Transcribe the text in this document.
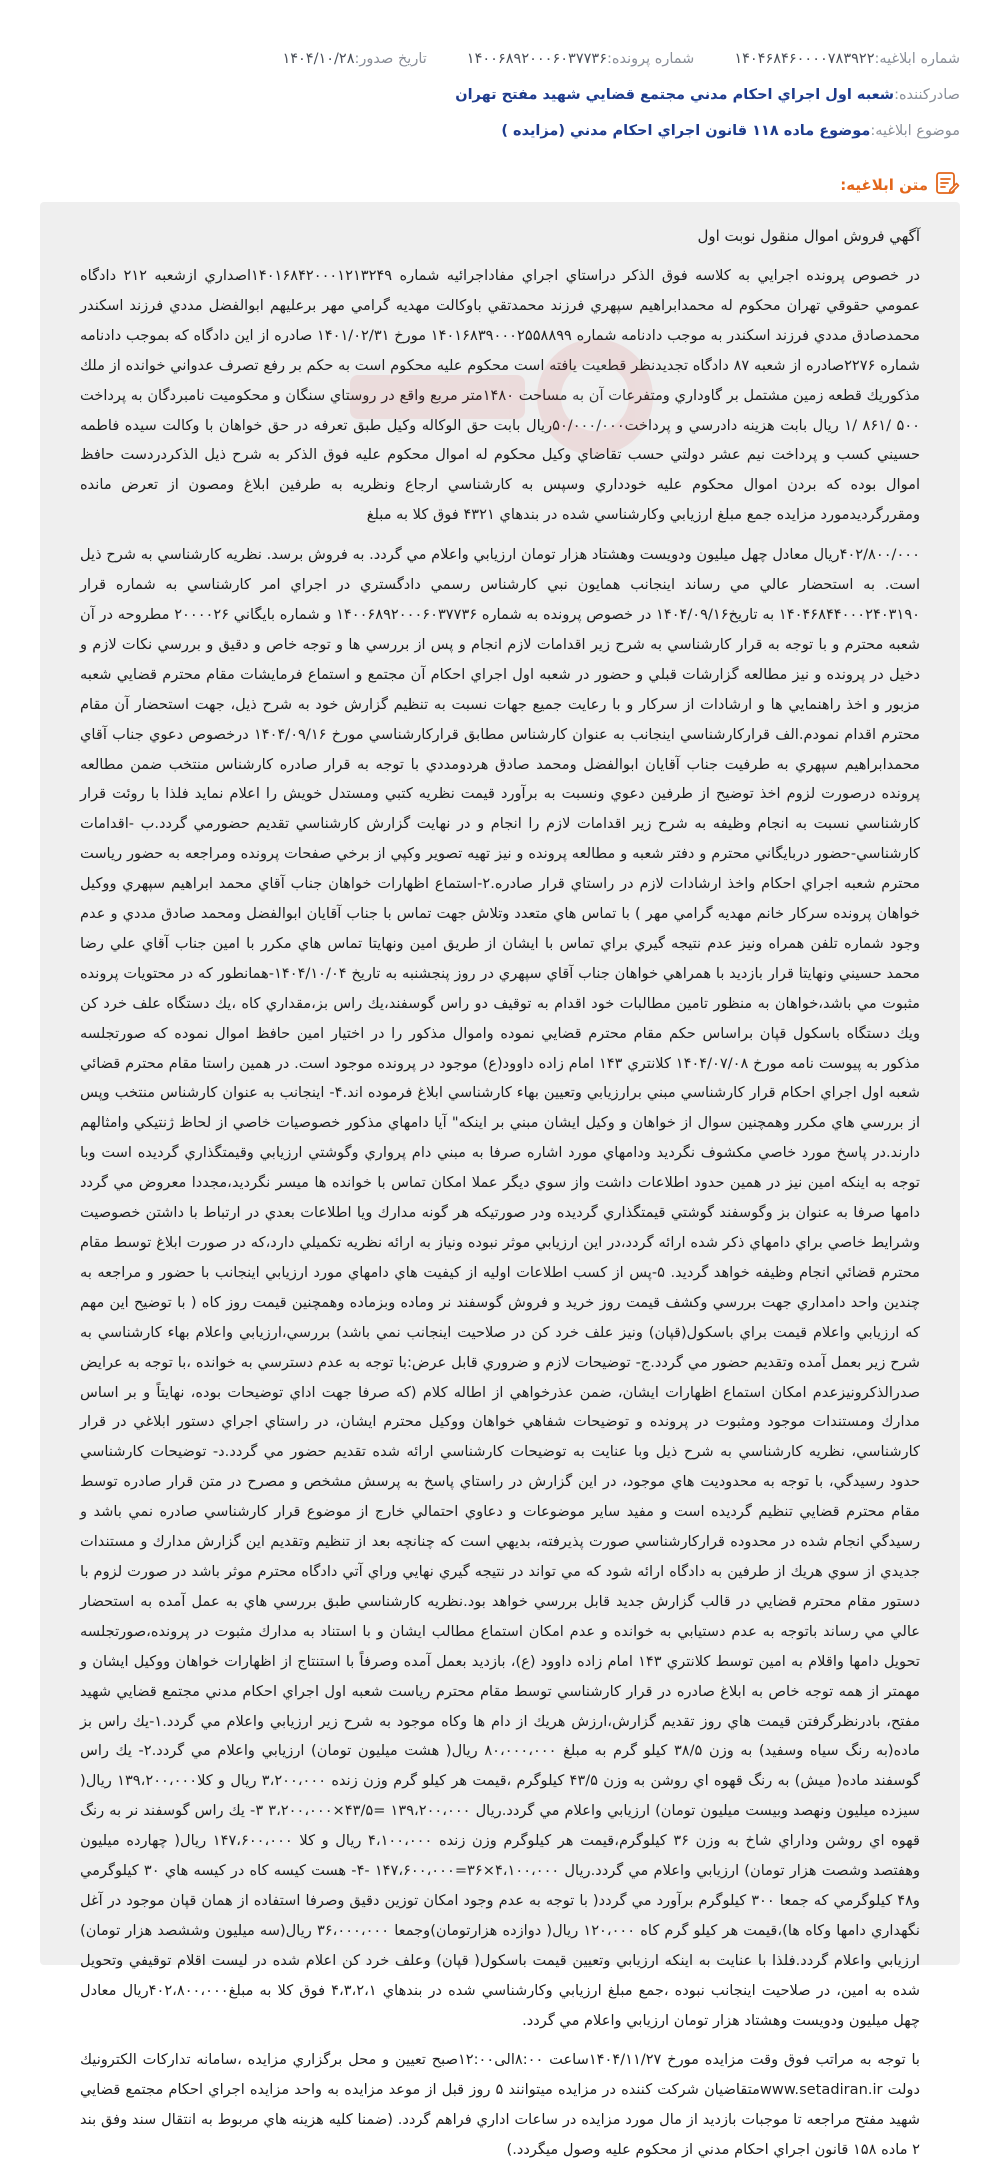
شماره ابلاغیه:
۱۴۰۴۶۸۴۶۰۰۰۰۷۸۳۹۲۲
شماره پرونده:
۱۴۰۰۶۸۹۲۰۰۰۶۰۳۷۷۳۶
تاریخ صدور:
۱۴۰۴/۱۰/۲۸
صادرکننده:
شعبه اول اجراي احكام مدني مجتمع قضايي شهيد مفتح تهران
موضوع ابلاغیه:
موضوع ماده ۱۱۸ قانون اجراي احكام مدني (مزايده )
متن ابلاغیه:
آگهي فروش اموال منقول نوبت اول

در خصوص پرونده اجرايي به كلاسه فوق الذكر دراستاي اجراي مفاداجرائيه شماره ۱۴۰۱۶۸۴۲۰۰۰۱۲۱۳۲۴۹اصداري ازشعبه ۲۱۲ دادگاه عمومي حقوقي تهران محكوم له محمدابراهيم سپهري فرزند محمدتقي باوكالت مهديه گرامي مهر برعليهم ابوالفضل مددي فرزند اسكندر محمدصادق مددي فرزند اسكندر به موجب دادنامه شماره ۱۴۰۱۶۸۳۹۰۰۰۲۵۵۸۸۹۹ مورخ ۱۴۰۱/۰۲/۳۱ صادره از اين دادگاه كه بموجب دادنامه شماره ۲۲۷۶صادره از شعبه ۸۷ دادگاه تجديدنظر قطعيت يافته است محكوم عليه محكوم است به حكم بر رفع تصرف عدواني خوانده از ملك مذكوريك قطعه زمين مشتمل بر گاوداري ومتفرعات آن به مساحت ۱۴۸۰متر مربع واقع در روستاي سنگان و محكوميت نامبردگان به پرداخت ۵۰۰ /۸۶۱ /۱ ريال بابت هزينه دادرسي و پرداخت۵۰/۰۰۰/۰۰۰ريال بابت حق الوكاله وكيل طبق تعرفه در حق خواهان با وكالت سيده فاطمه حسيني كسب و پرداخت نيم عشر دولتي حسب تقاضاي وكيل محكوم له اموال محكوم عليه فوق الذكر به شرح ذيل الذكردردست حافظ اموال بوده كه بردن اموال محكوم عليه خودداري وسپس به كارشناسي ارجاع ونظريه به طرفين ابلاغ ومصون از تعرض مانده ومقررگرديدمورد مزايده جمع مبلغ ارزيابي وكارشناسي شده در بندهاي ۴۳۲۱ فوق كلا به مبلغ

۴۰۲/۸۰۰/۰۰۰ريال معادل چهل ميليون ودويست وهشتاد هزار تومان ارزيابي واعلام مي گردد. به فروش برسد. نظريه كارشناسي به شرح ذيل است. به استحضار عالي مي رساند اينجانب همايون نبي كارشناس رسمي دادگستري در اجراي امر كارشناسي به شماره قرار ۱۴۰۴۶۸۴۴۰۰۰۲۴۰۳۱۹۰ به تاريخ۱۴۰۴/۰۹/۱۶ در خصوص پرونده به شماره ۱۴۰۰۶۸۹۲۰۰۰۶۰۳۷۷۳۶ و شماره بايگاني ۲۰۰۰۰۲۶ مطروحه در آن شعبه محترم و با توجه به قرار كارشناسي به شرح زير اقدامات لازم انجام و پس از بررسي ها و توجه خاص و دقيق و بررسي نكات لازم و دخيل در پرونده و نيز مطالعه گزارشات قبلي و حضور در شعبه اول اجراي احكام آن مجتمع و استماع فرمايشات مقام محترم قضايي شعبه مزبور و اخذ راهنمايي ها و ارشادات از سركار و با رعايت جميع جهات نسبت به تنظيم گزارش خود به شرح ذيل، جهت استحضار آن مقام محترم اقدام نمودم.الف قراركارشناسي اينجانب به عنوان كارشناس مطابق قراركارشناسي مورخ ۱۴۰۴/۰۹/۱۶ درخصوص دعوي جناب آقاي محمدابراهيم سپهري به طرفيت جناب آقايان ابوالفضل ومحمد صادق هردومددي با توجه به قرار صادره كارشناس منتخب ضمن مطالعه پرونده درصورت لزوم اخذ توضيح از طرفين دعوي ونسبت به برآورد قيمت نظريه كتبي ومستدل خويش را اعلام نمايد فلذا با روئت قرار كارشناسي نسبت به انجام وظيفه به شرح زير اقدامات لازم را انجام و در نهايت گزارش كارشناسي تقديم حضورمي گردد.ب -اقدامات كارشناسي-حضور دربايگاني محترم و دفتر شعبه و مطالعه پرونده و نيز تهيه تصوير وكپي از برخي صفحات پرونده ومراجعه به حضور رياست محترم شعبه اجراي احكام واخذ ارشادات لازم در راستاي قرار صادره.۲-استماع اظهارات خواهان جناب آقاي محمد ابراهيم سپهري ووكيل خواهان پرونده سركار خانم مهديه گرامي مهر ) با تماس هاي متعدد وتلاش جهت تماس با جناب آقايان ابوالفضل ومحمد صادق مددي و عدم وجود شماره تلفن همراه ونيز عدم نتيجه گيري براي تماس با ايشان از طريق امين ونهايتا تماس هاي مكرر با امين جناب آقاي علي رضا محمد حسيني ونهايتا قرار بازديد با همراهي خواهان جناب آقاي سپهري در روز پنجشنبه به تاريخ ۱۴۰۴/۱۰/۰۴-همانطور كه در محتويات پرونده مثبوت مي باشد،خواهان به منظور تامين مطالبات خود اقدام به توقيف دو راس گوسفند،يك راس بز،مقداري كاه ،يك دستگاه علف خرد كن ويك دستگاه باسكول قپان براساس حكم مقام محترم قضايي نموده واموال مذكور را در اختيار امين حافظ اموال نموده كه صورتجلسه مذكور به پيوست نامه مورخ ۱۴۰۴/۰۷/۰۸ كلانتري ۱۴۳ امام زاده داوود(ع) موجود در پرونده موجود است. در همين راستا مقام محترم قضائي شعبه اول اجراي احكام قرار كارشناسي مبني برارزيابي وتعيين بهاء كارشناسي ابلاغ فرموده اند.۴- اينجانب به عنوان كارشناس منتخب وپس از بررسي هاي مكرر وهمچنين سوال از خواهان و وكيل ايشان مبني بر اينكه" آيا دامهاي مذكور خصوصيات خاصي از لحاظ ژنتيكي وامثالهم دارند.در پاسخ مورد خاصي مكشوف نگرديد ودامهاي مورد اشاره صرفا به مبني دام پرواري وگوشتي ارزيابي وقيمتگذاري گرديده است وبا توجه به اينكه امين نيز در همين حدود اطلاعات داشت واز سوي ديگر عملا امكان تماس با خوانده ها ميسر نگرديد،مجددا معروض مي گردد دامها صرفا به عنوان بز وگوسفند گوشتي قيمتگذاري گرديده ودر صورتيكه هر گونه مدارك ويا اطلاعات بعدي در ارتباط با داشتن خصوصيت وشرايط خاصي براي دامهاي ذكر شده ارائه گردد،در اين ارزيابي موثر نبوده ونياز به ارائه نظريه تكميلي دارد،كه در صورت ابلاغ توسط مقام محترم قضائي انجام وظيفه خواهد گرديد. ۵-پس از كسب اطلاعات اوليه از كيفيت هاي دامهاي مورد ارزيابي اينجانب با حضور و مراجعه به چندين واحد دامداري جهت بررسي وكشف قيمت روز خريد و فروش گوسفند نر وماده وبزماده وهمچنين قيمت روز كاه ( با توضيح اين مهم كه ارزيابي واعلام قيمت براي باسكول(قپان) ونيز علف خرد كن در صلاحيت اينجانب نمي باشد) بررسي،ارزيابي واعلام بهاء كارشناسي به شرح زير بعمل آمده وتقديم حضور مي گردد.ج- توضيحات لازم و ضروري قابل عرض:با توجه به عدم دسترسي به خوانده ،با توجه به عرايض صدرالذكرونيزعدم امكان استماع اظهارات ايشان، ضمن عذرخواهي از اطاله كلام (كه صرفا جهت اداي توضيحات بوده، نهايتاً و بر اساس مدارك ومستندات موجود ومثبوت در پرونده و توضيحات شفاهي خواهان ووكيل محترم ايشان، در راستاي اجراي دستور ابلاغي در قرار كارشناسي، نظريه كارشناسي به شرح ذيل وبا عنايت به توضيحات كارشناسي ارائه شده تقديم حضور مي گردد.د- توضيحات كارشناسي حدود رسيدگي، با توجه به محدوديت هاي موجود، در اين گزارش در راستاي پاسخ به پرسش مشخص و مصرح در متن قرار صادره توسط مقام محترم قضايي تنظيم گرديده است و مفيد ساير موضوعات و دعاوي احتمالي خارج از موضوع قرار كارشناسي صادره نمي باشد و رسيدگي انجام شده در محدوده قراركارشناسي صورت پذيرفته، بديهي است كه چنانچه بعد از تنظيم وتقديم اين گزارش مدارك و مستندات جديدي از سوي هريك از طرفين به دادگاه ارائه شود كه مي تواند در نتيجه گيري نهايي وراي آتي دادگاه محترم موثر باشد در صورت لزوم با دستور مقام محترم قضايي در قالب گزارش جديد قابل بررسي خواهد بود.نظريه كارشناسي طبق بررسي هاي به عمل آمده به استحضار عالي مي رساند باتوجه به عدم دستيابي به خوانده و عدم امكان استماع مطالب ايشان و با استناد به مدارك مثبوت در پرونده،صورتجلسه تحويل دامها واقلام به امين توسط كلانتري ۱۴۳ امام زاده داوود (ع)، بازديد بعمل آمده وصرفاً با استنتاج از اظهارات خواهان ووكيل ايشان و مهمتر از همه توجه خاص به ابلاغ صادره در قرار كارشناسي توسط مقام محترم رياست شعبه اول اجراي احكام مدني مجتمع قضايي شهيد مفتح، بادرنظرگرفتن قيمت هاي روز تقديم گزارش،ارزش هريك از دام ها وكاه موجود به شرح زير ارزيابي واعلام مي گردد.۱-يك راس بز ماده(به رنگ سياه وسفيد) به وزن ۳۸/۵ كيلو گرم به مبلغ ۸۰،۰۰۰،۰۰۰ ريال( هشت ميليون تومان) ارزيابي واعلام مي گردد.۲- يك راس گوسفند ماده( ميش) به رنگ قهوه اي روشن به وزن ۴۳/۵ كيلوگرم ،قيمت هر كيلو گرم وزن زنده ۳،۲۰۰،۰۰۰ ريال و كلا۱۳۹،۲۰۰،۰۰۰ ريال( سيزده ميليون ونهصد وبيست ميليون تومان) ارزيابي واعلام مي گردد.ريال ۱۳۹،۲۰۰،۰۰۰ =۴۳/۵×۳،۲۰۰،۰۰۰ ۳- يك راس گوسفند نر به رنگ قهوه اي روشن وداراي شاخ به وزن ۳۶ كيلوگرم،قيمت هر كيلوگرم وزن زنده ۴،۱۰۰،۰۰۰ ريال و كلا ۱۴۷،۶۰۰،۰۰۰ ريال( چهارده ميليون وهفتصد وشصت هزار تومان) ارزيابي واعلام مي گردد.ريال ۴،۱۰۰،۰۰۰×۳۶=۱۴۷،۶۰۰،۰۰۰ -۴- هست كيسه كاه در كيسه هاي ۳۰ كيلوگرمي و۴۸ كيلوگرمي كه جمعا ۳۰۰ كيلوگرم برآورد مي گردد( با توجه به عدم وجود امكان توزين دقيق وصرفا استفاده از همان قپان موجود در آغل نگهداري دامها وكاه ها)،قيمت هر كيلو گرم كاه ۱۲۰،۰۰۰ ريال( دوازده هزارتومان)وجمعا ۳۶،۰۰۰،۰۰۰ ريال(سه ميليون وششصد هزار تومان) ارزيابي واعلام گردد.فلذا با عنايت به اينكه ارزيابي وتعيين قيمت باسكول( قپان) وعلف خرد كن اعلام شده در ليست اقلام توقيفي وتحويل شده به امين، در صلاحيت اينجانب نبوده ،جمع مبلغ ارزيابي وكارشناسي شده در بندهاي ۴،۳،۲،۱ فوق كلا به مبلغ۴۰۲،۸۰۰،۰۰۰ريال معادل چهل ميليون ودويست وهشتاد هزار تومان ارزيابي واعلام مي گردد.

با توجه به مراتب فوق وقت مزايده مورخ ۱۴۰۴/۱۱/۲۷ساعت ۸:۰۰الی۱۲:۰۰صبح تعيين و محل برگزاري مزايده ،سامانه تداركات الكترونيك دولت www.setadiran.irمتقاضيان شركت كننده در مزايده ميتوانند ۵ روز قبل از موعد مزايده به واحد مزايده اجراي احكام مجتمع قضايي شهيد مفتح مراجعه تا موجبات بازديد از مال مورد مزايده در ساعات اداري فراهم گردد. (ضمنا كليه هزينه هاي مربوط به انتقال سند وفق بند ۲ ماده ۱۵۸ قانون اجراي احكام مدني از محكوم عليه وصول ميگردد.)
